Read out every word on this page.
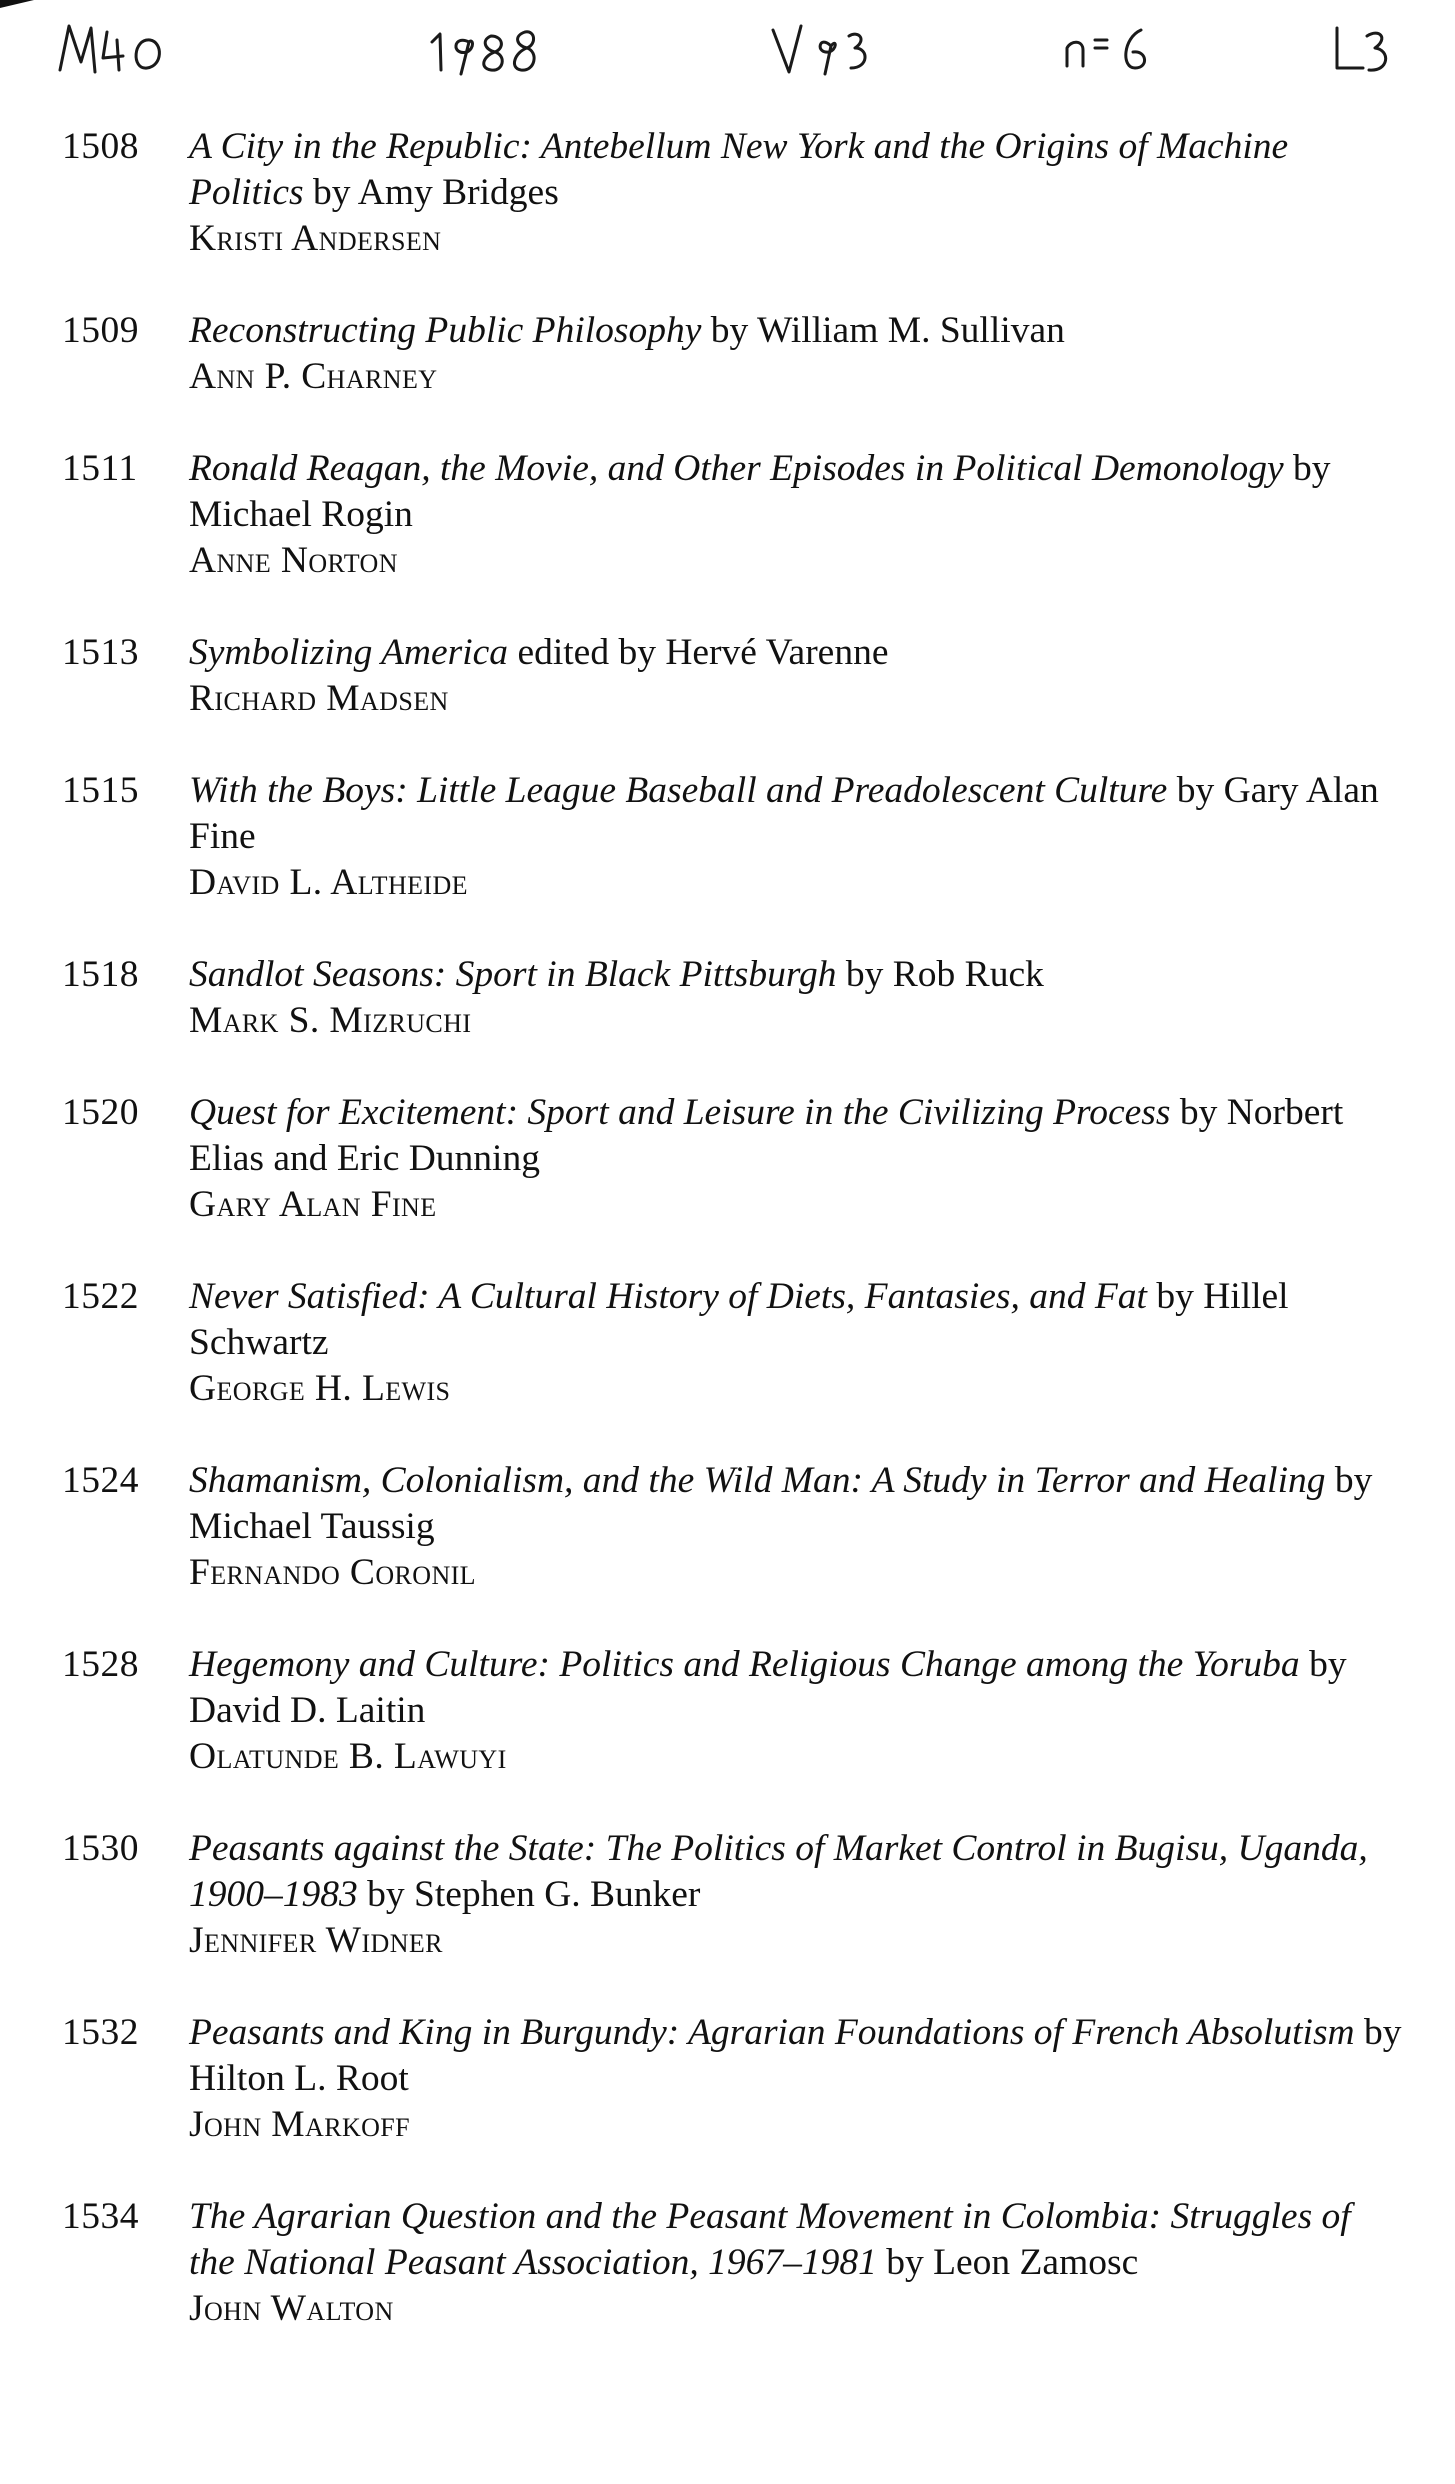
1508	A City in the Republic: Antebellum New York and the Origins of Machine Politics by Amy Bridges
Kristi Andersen
1509	Reconstructing Public Philosophy by William M. Sullivan
Ann P. Charney
1511	Ronald Reagan, the Movie, and Other Episodes in Political Demonology by Michael Rogin
Anne Norton
1513	Symbolizing America edited by Hervé Varenne
Richard Madsen
1515	With the Boys: Little League Baseball and Preadolescent Culture by Gary Alan Fine
David L. Altheide
1518	Sandlot Seasons: Sport in Black Pittsburgh by Rob Ruck
Mark S. Mizruchi
1520	Quest for Excitement: Sport and Leisure in the Civilizing Process by Norbert Elias and Eric Dunning
Gary Alan Fine
1522	Never Satisfied: A Cultural History of Diets, Fantasies, and Fat by Hillel Schwartz
George H. Lewis
1524	Shamanism, Colonialism, and the Wild Man: A Study in Terror and Healing by Michael Taussig
Fernando Coronil
1528	Hegemony and Culture: Politics and Religious Change among the Yoruba by David D. Laitin
Olatunde B. Lawuyi
1530	Peasants against the State: The Politics of Market Control in Bugisu, Uganda, 1900–1983 by Stephen G. Bunker
Jennifer Widner
1532	Peasants and King in Burgundy: Agrarian Foundations of French Absolutism by Hilton L. Root
John Markoff
1534	The Agrarian Question and the Peasant Movement in Colombia: Struggles of the National Peasant Association, 1967–1981 by Leon Zamosc
John Walton
